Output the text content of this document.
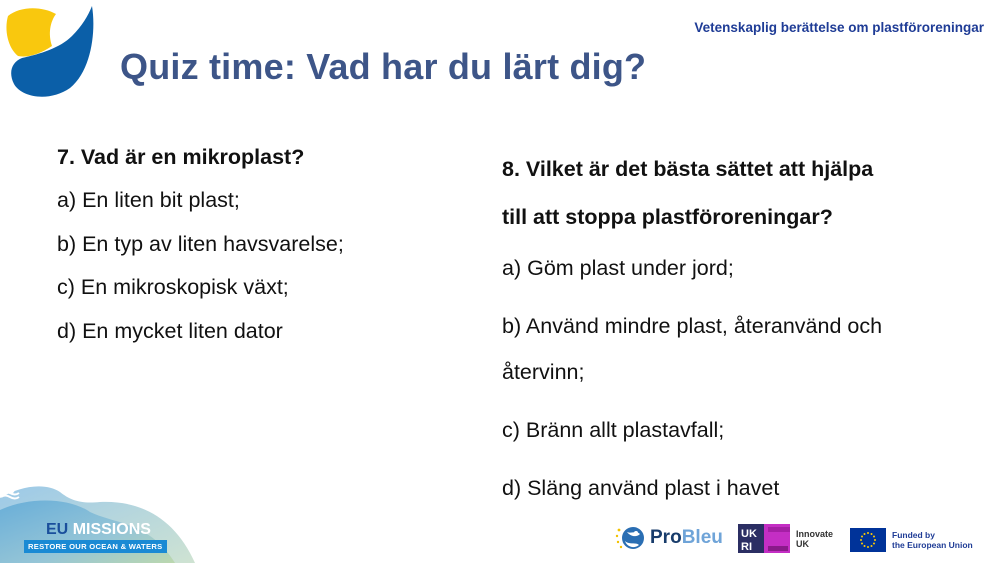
Vetenskaplig berättelse om plastföroreningar
Quiz time: Vad har du lärt dig?
7. Vad är en mikroplast?
a) En liten bit plast;
b) En typ av liten havsvarelse;
c) En mikroskopisk växt;
d) En mycket liten dator
8. Vilket är det bästa sättet att hjälpa
till att stoppa plastföroreningar?
a) Göm plast under jord;
b) Använd mindre plast, återanvänd och
återvinn;
c) Bränn allt plastavfall;
d) Släng använd plast i havet
EU MISSIONS
RESTORE OUR OCEAN & WATERS	ProBleu UK
RI
Innovate
UK
Funded by
the European Union
